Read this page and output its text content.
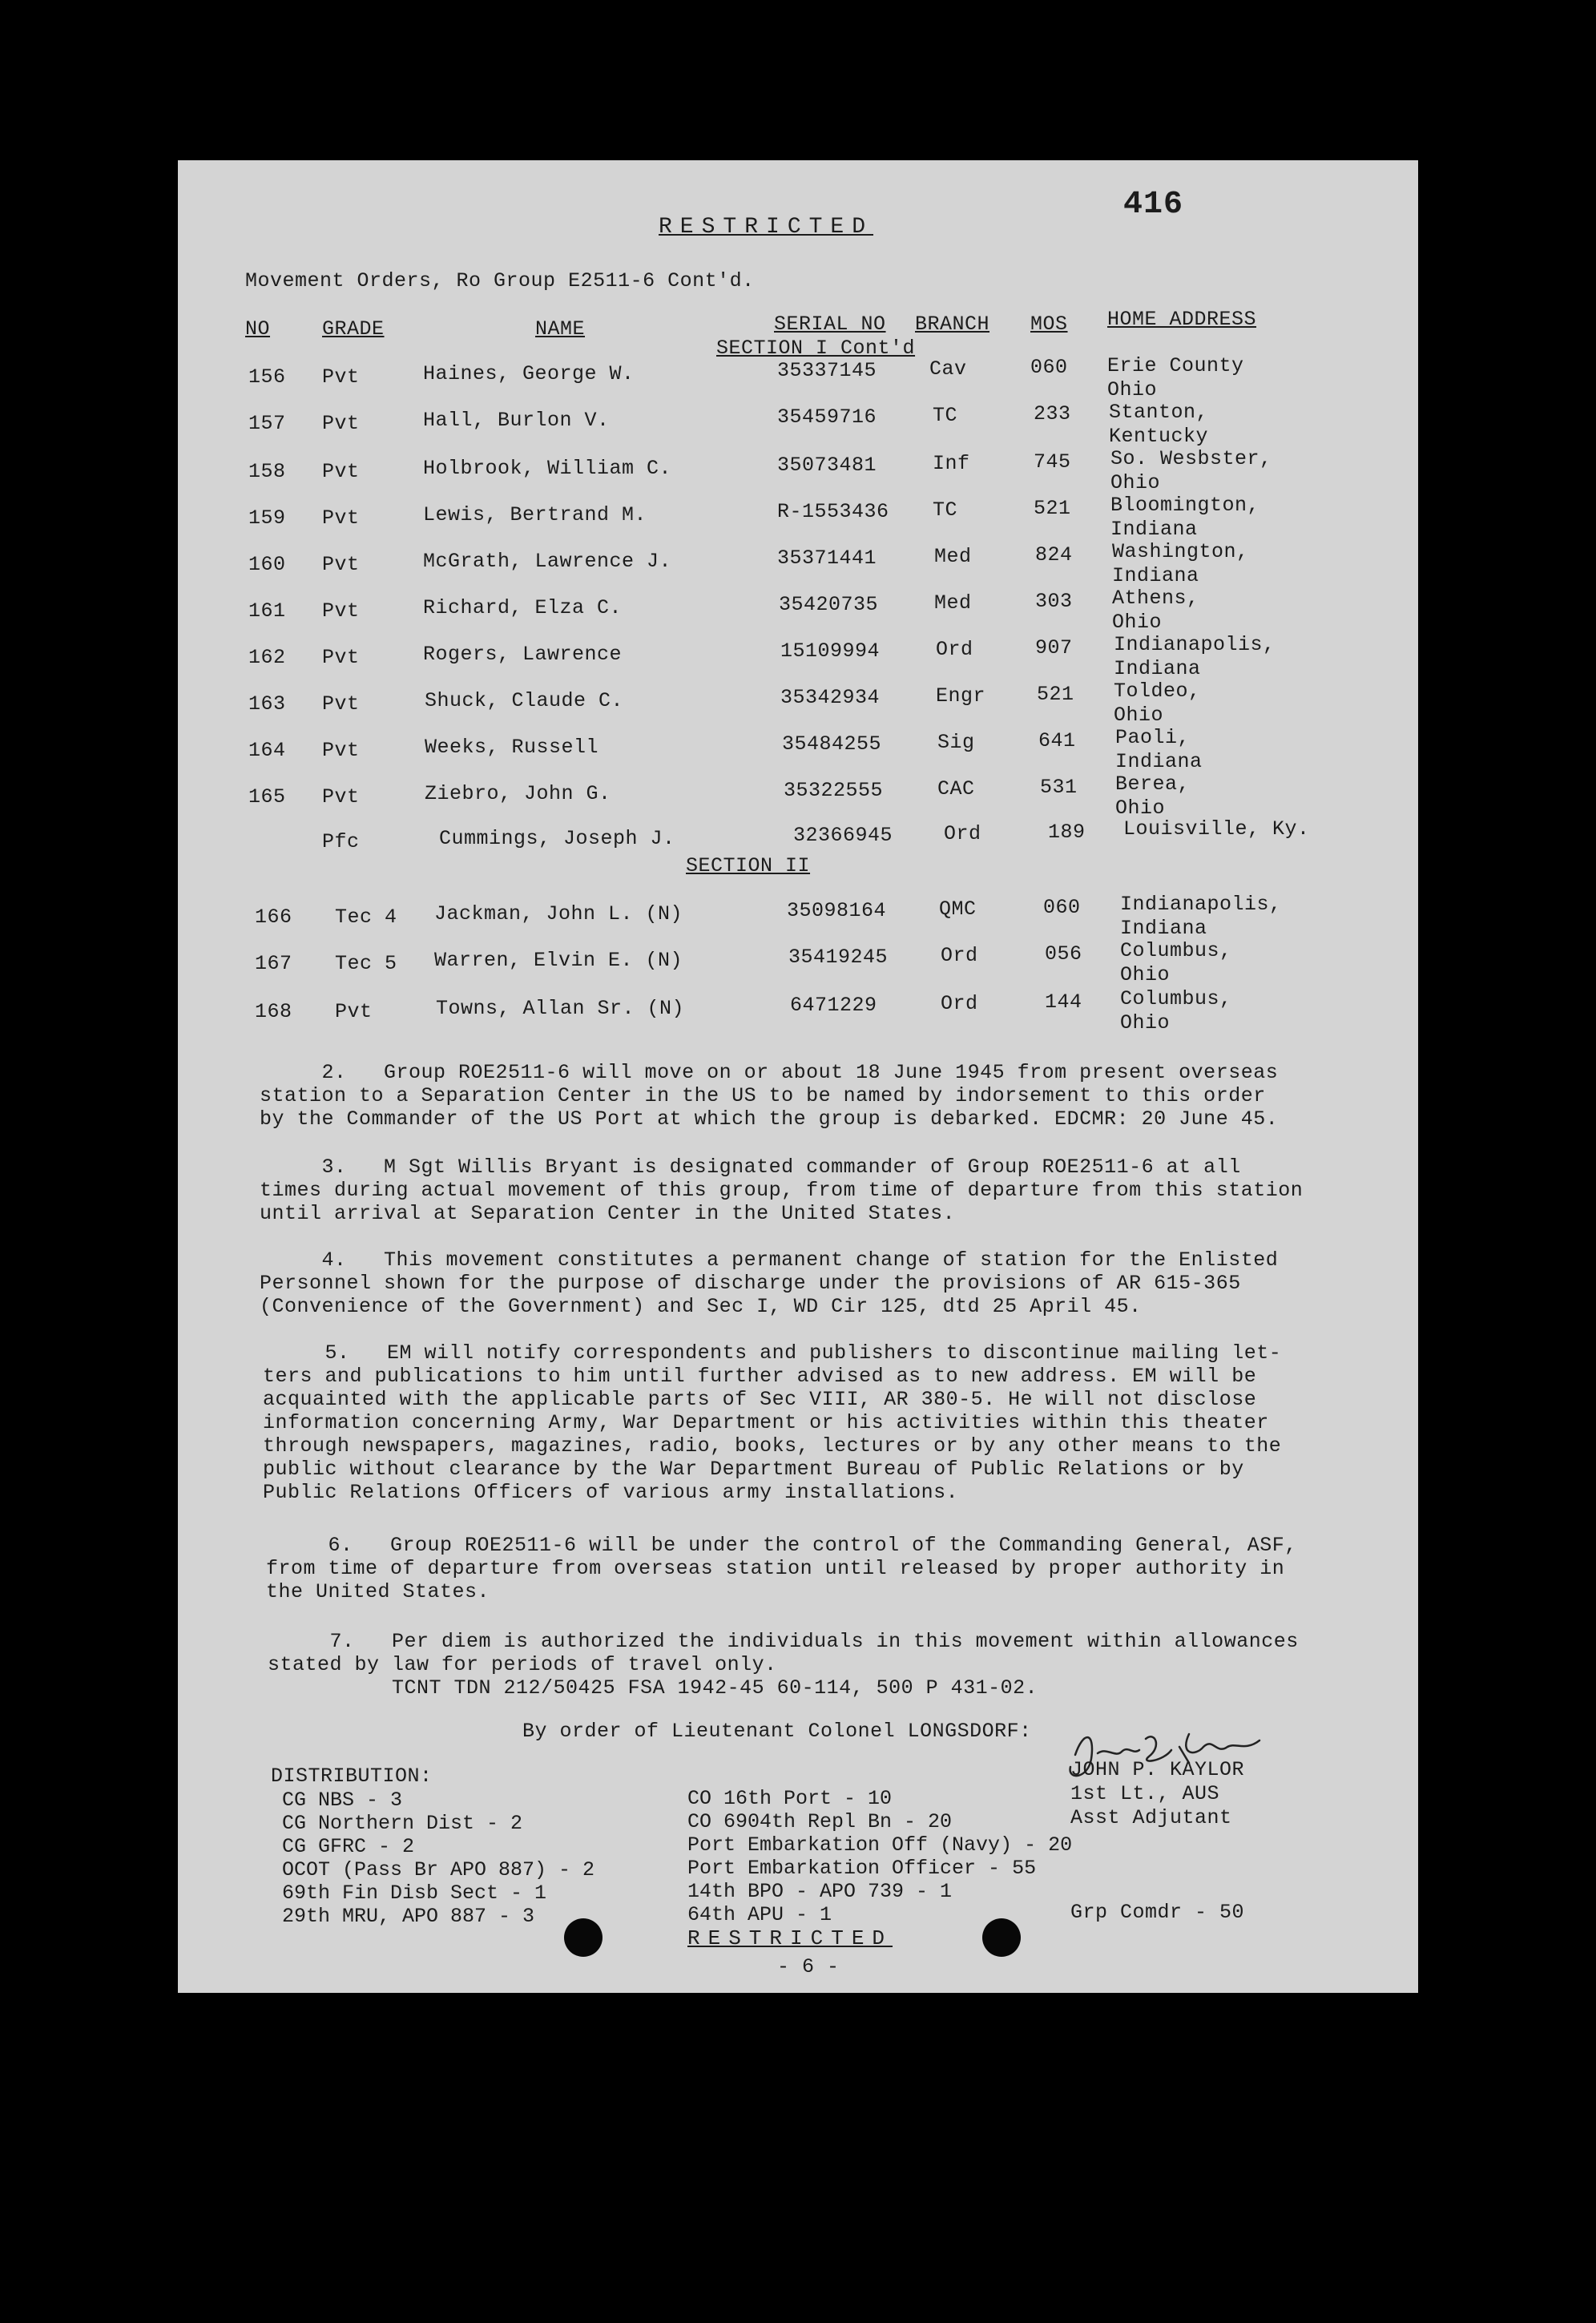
416
RESTRICTED
Movement Orders, Ro Group E2511-6 Cont'd.
NO	GRADE	NAME	SERIAL NO BRANCH MOS HOME ADDRESS
SECTION I Cont'd
156 Pvt	Haines, George W.	35337145	Cav	060 Erie County
Ohio
157 Pvt	Hall, Burlon V.	35459716	TC	233 Stanton,
Kentucky
158 Pvt	Holbrook, William C.	35073481	Inf	745 So. Wesbster,
Ohio
159 Pvt	Lewis, Bertrand M.	R-1553436 TC	521 Bloomington,
Indiana
160 Pvt	McGrath, Lawrence J.	35371441	Med	824 Washington,
Indiana
161 Pvt	Richard, Elza C.	35420735	Med	303 Athens,
Ohio
162 Pvt	Rogers, Lawrence	15109994	Ord	907 Indianapolis,
Indiana
163 Pvt	Shuck, Claude C.	35342934	Engr	521 Toldeo,
Ohio
164 Pvt	Weeks, Russell	35484255	Sig	641 Paoli,
Indiana
165 Pvt	Ziebro, John G.	35322555	CAC	531 Berea,
Ohio
Pfc	Cummings, Joseph J.	32366945	Ord	189 Louisville, Ky.
SECTION II
166 Tec 4 Jackman, John L. (N)	35098164	QMC	060 Indianapolis,
Indiana
167 Tec 5 Warren, Elvin E. (N)	35419245	Ord	056 Columbus,
Ohio
168 Pvt	Towns, Allan Sr. (N)	6471229	Ord	144 Columbus,
Ohio
2.   Group ROE2511-6 will move on or about 18 June 1945 from present overseas
station to a Separation Center in the US to be named by indorsement to this order
by the Commander of the US Port at which the group is debarked. EDCMR: 20 June 45.
3.   M Sgt Willis Bryant is designated commander of Group ROE2511-6 at all
times during actual movement of this group, from time of departure from this station
until arrival at Separation Center in the United States.
4.   This movement constitutes a permanent change of station for the Enlisted
Personnel shown for the purpose of discharge under the provisions of AR 615-365
(Convenience of the Government) and Sec I, WD Cir 125, dtd 25 April 45.
5.   EM will notify correspondents and publishers to discontinue mailing let-
ters and publications to him until further advised as to new address. EM will be
acquainted with the applicable parts of Sec VIII, AR 380-5. He will not disclose
information concerning Army, War Department or his activities within this theater
through newspapers, magazines, radio, books, lectures or by any other means to the
public without clearance by the War Department Bureau of Public Relations or by
Public Relations Officers of various army installations.
6.   Group ROE2511-6 will be under the control of the Commanding General, ASF,
from time of departure from overseas station until released by proper authority in
the United States.
7.   Per diem is authorized the individuals in this movement within allowances
stated by law for periods of travel only.
TCNT TDN 212/50425 FSA 1942-45 60-114, 500 P 431-02.
By order of Lieutenant Colonel LONGSDORF:
JOHN P. KAYLOR
1st Lt., AUS
Asst Adjutant
DISTRIBUTION:
CG NBS - 3
CG Northern Dist - 2
CG GFRC - 2
OCOT (Pass Br APO 887) - 2
69th Fin Disb Sect - 1
29th MRU, APO 887 - 3
CO 16th Port - 10
CO 6904th Repl Bn - 20
Port Embarkation Off (Navy) - 20
Port Embarkation Officer - 55
14th BPO - APO 739 - 1
64th APU - 1	Grp Comdr - 50
RESTRICTED
- 6 -
